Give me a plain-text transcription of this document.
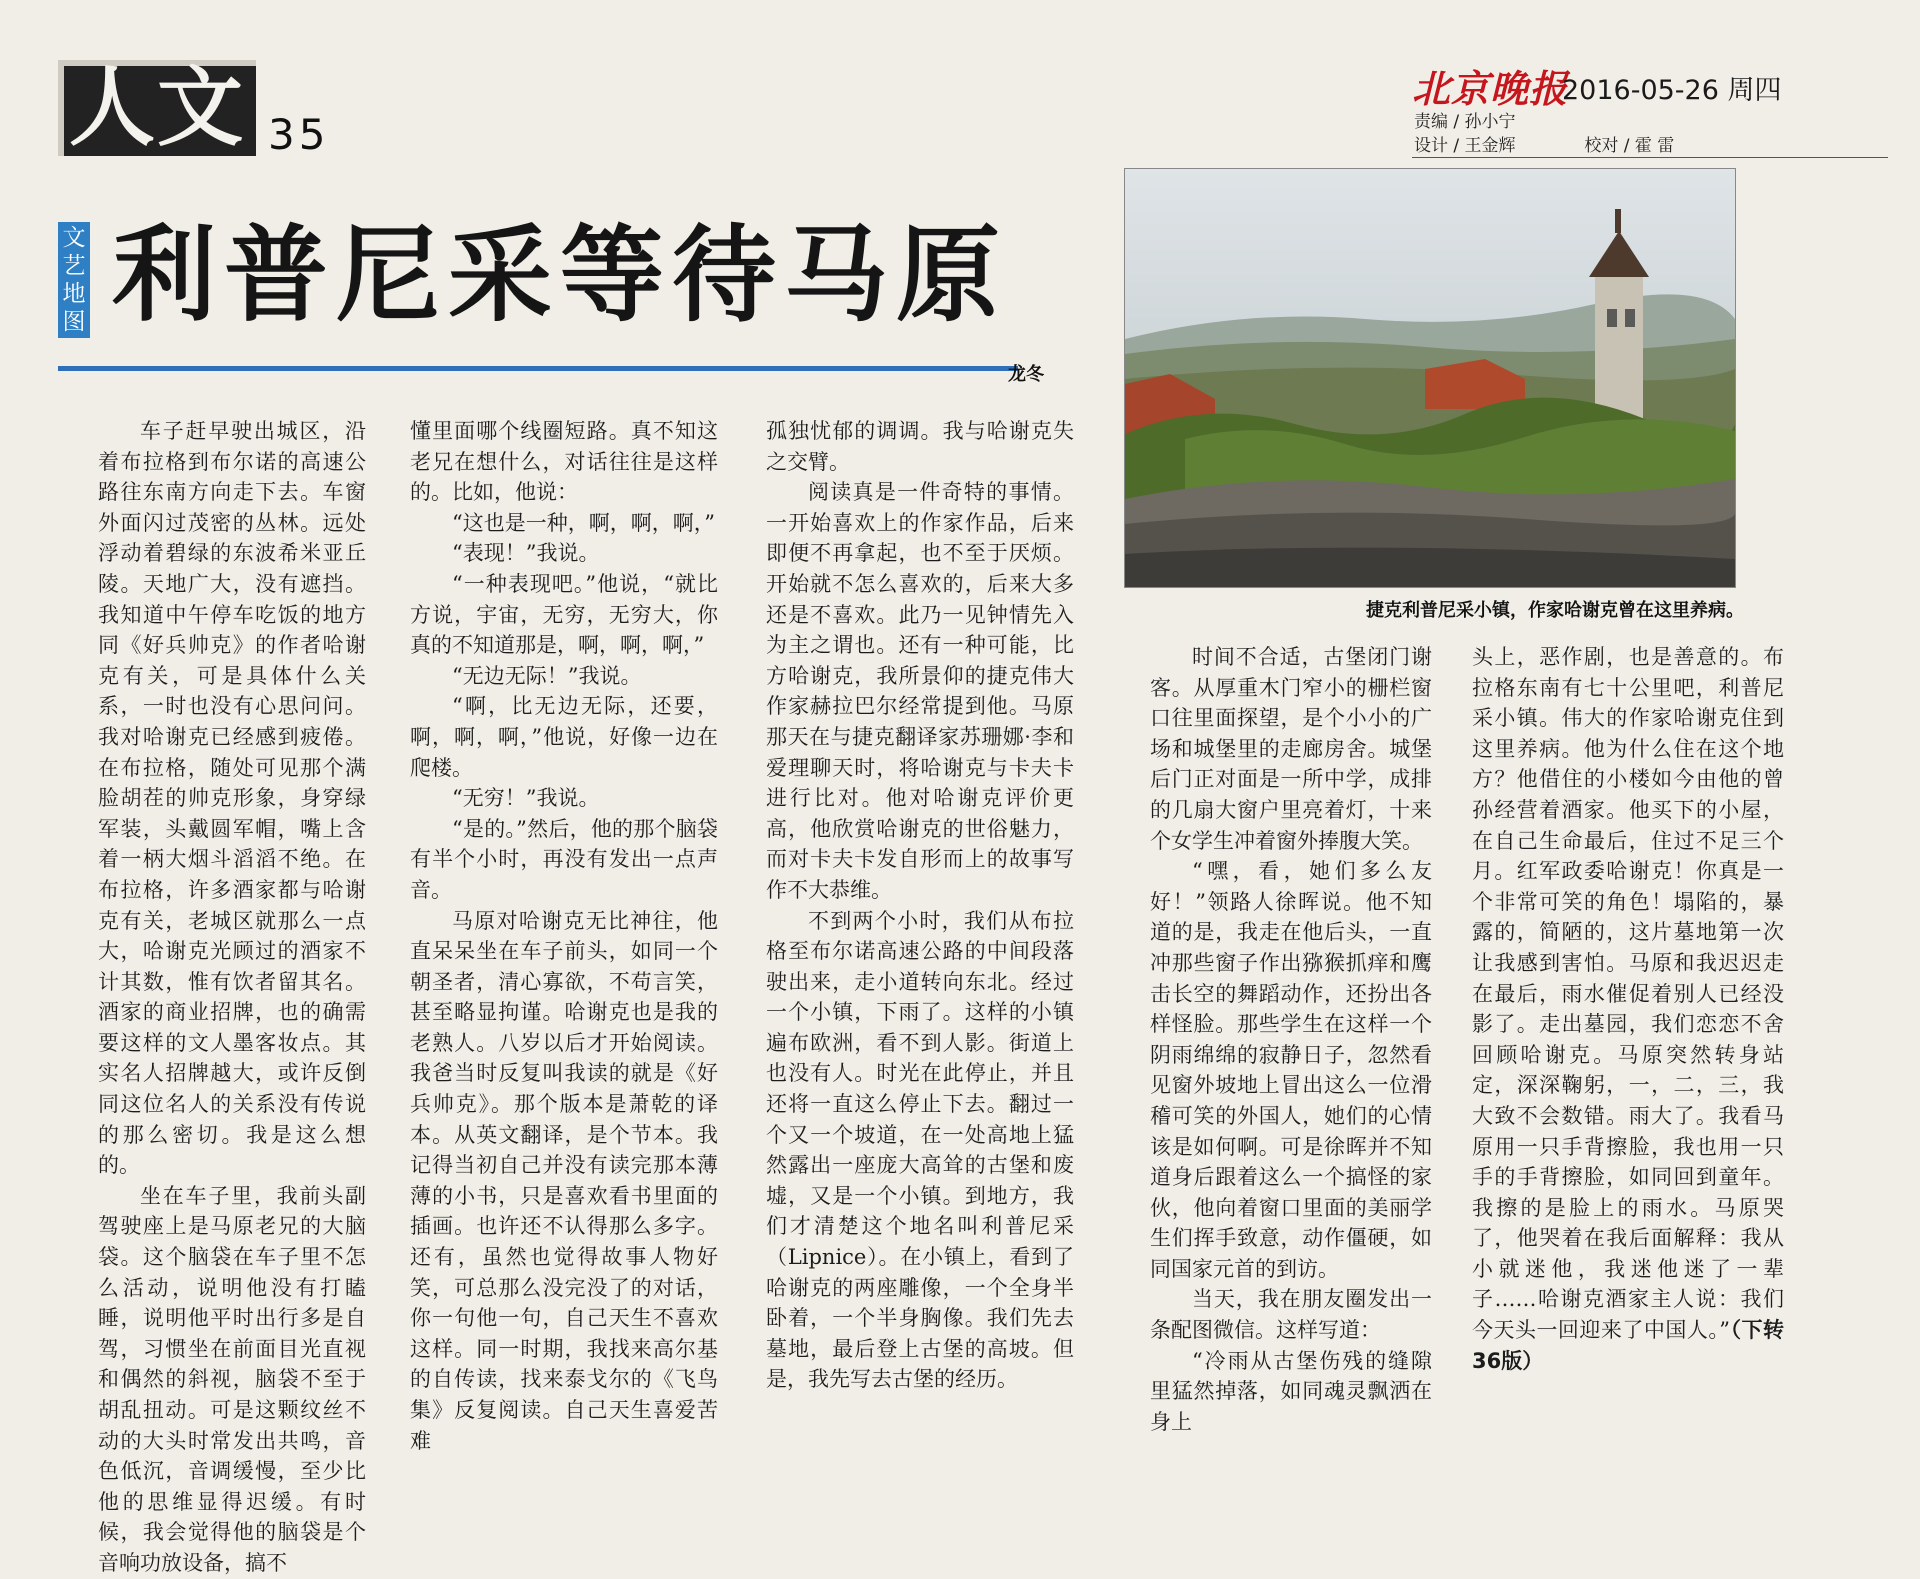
人文 35
北京晚报
2016-05-26 周四
责编 / 孙小宁
设计 / 王金辉	校对 / 霍 雷
文
艺
地
图 利普尼采等待马原
龙冬
捷克利普尼采小镇，作家哈谢克曾在这里养病。

车子赶早驶出城区，沿着布拉格到布尔诺的高速公路往东南方向走下去。车窗外面闪过茂密的丛林。远处浮动着碧绿的东波希米亚丘陵。天地广大，没有遮挡。我知道中午停车吃饭的地方同《好兵帅克》的作者哈谢克有关，可是具体什么关系，一时也没有心思问问。我对哈谢克已经感到疲倦。在布拉格，随处可见那个满脸胡茬的帅克形象，身穿绿军装，头戴圆军帽，嘴上含着一柄大烟斗滔滔不绝。在布拉格，许多酒家都与哈谢克有关，老城区就那么一点大，哈谢克光顾过的酒家不计其数，惟有饮者留其名。酒家的商业招牌，也的确需要这样的文人墨客妆点。其实名人招牌越大，或许反倒同这位名人的关系没有传说的那么密切。我是这么想的。

坐在车子里，我前头副驾驶座上是马原老兄的大脑袋。这个脑袋在车子里不怎么活动，说明他没有打瞌睡，说明他平时出行多是自驾，习惯坐在前面目光直视和偶然的斜视，脑袋不至于胡乱扭动。可是这颗纹丝不动的大头时常发出共鸣，音色低沉，音调缓慢，至少比他的思维显得迟缓。有时候，我会觉得他的脑袋是个音响功放设备，搞不

懂里面哪个线圈短路。真不知这老兄在想什么，对话往往是这样的。比如，他说：

“这也是一种，啊，啊，啊，”

“表现！”我说。

“一种表现吧。”他说，“就比方说，宇宙，无穷，无穷大，你真的不知道那是，啊，啊，啊，”

“无边无际！”我说。

“啊，比无边无际，还要，啊，啊，啊，”他说，好像一边在爬楼。

“无穷！”我说。

“是的。”然后，他的那个脑袋有半个小时，再没有发出一点声音。

马原对哈谢克无比神往，他直呆呆坐在车子前头，如同一个朝圣者，清心寡欲，不苟言笑，甚至略显拘谨。哈谢克也是我的老熟人。八岁以后才开始阅读。我爸当时反复叫我读的就是《好兵帅克》。那个版本是萧乾的译本。从英文翻译，是个节本。我记得当初自己并没有读完那本薄薄的小书，只是喜欢看书里面的插画。也许还不认得那么多字。还有，虽然也觉得故事人物好笑，可总那么没完没了的对话，你一句他一句，自己天生不喜欢这样。同一时期，我找来高尔基的自传读，找来泰戈尔的《飞鸟集》反复阅读。自己天生喜爱苦难

孤独忧郁的调调。我与哈谢克失之交臂。

阅读真是一件奇特的事情。一开始喜欢上的作家作品，后来即便不再拿起，也不至于厌烦。开始就不怎么喜欢的，后来大多还是不喜欢。此乃一见钟情先入为主之谓也。还有一种可能，比方哈谢克，我所景仰的捷克伟大作家赫拉巴尔经常提到他。马原那天在与捷克翻译家苏珊娜·李和爱理聊天时，将哈谢克与卡夫卡进行比对。他对哈谢克评价更高，他欣赏哈谢克的世俗魅力，而对卡夫卡发自形而上的故事写作不大恭维。

不到两个小时，我们从布拉格至布尔诺高速公路的中间段落驶出来，走小道转向东北。经过一个小镇，下雨了。这样的小镇遍布欧洲，看不到人影。街道上也没有人。时光在此停止，并且还将一直这么停止下去。翻过一个又一个坡道，在一处高地上猛然露出一座庞大高耸的古堡和废墟，又是一个小镇。到地方，我们才清楚这个地名叫利普尼采（Lipnice）。在小镇上，看到了哈谢克的两座雕像，一个全身半卧着，一个半身胸像。我们先去墓地，最后登上古堡的高坡。但是，我先写去古堡的经历。

时间不合适，古堡闭门谢客。从厚重木门窄小的栅栏窗口往里面探望，是个小小的广场和城堡里的走廊房舍。城堡后门正对面是一所中学，成排的几扇大窗户里亮着灯，十来个女学生冲着窗外捧腹大笑。

“嘿，看，她们多么友好！”领路人徐晖说。他不知道的是，我走在他后头，一直冲那些窗子作出猕猴抓痒和鹰击长空的舞蹈动作，还扮出各样怪脸。那些学生在这样一个阴雨绵绵的寂静日子，忽然看见窗外坡地上冒出这么一位滑稽可笑的外国人，她们的心情该是如何啊。可是徐晖并不知道身后跟着这么一个搞怪的家伙，他向着窗口里面的美丽学生们挥手致意，动作僵硬，如同国家元首的到访。

当天，我在朋友圈发出一条配图微信。这样写道：

“冷雨从古堡伤残的缝隙里猛然掉落，如同魂灵飘洒在身上

头上，恶作剧，也是善意的。布拉格东南有七十公里吧，利普尼采小镇。伟大的作家哈谢克住到这里养病。他为什么住在这个地方？他借住的小楼如今由他的曾孙经营着酒家。他买下的小屋，在自己生命最后，住过不足三个月。红军政委哈谢克！你真是一个非常可笑的角色！塌陷的，暴露的，简陋的，这片墓地第一次让我感到害怕。马原和我迟迟走在最后，雨水催促着别人已经没影了。走出墓园，我们恋恋不舍回顾哈谢克。马原突然转身站定，深深鞠躬，一，二，三，我大致不会数错。雨大了。我看马原用一只手背擦脸，我也用一只手的手背擦脸，如同回到童年。我擦的是脸上的雨水。马原哭了，他哭着在我后面解释：我从小就迷他，我迷他迷了一辈子……哈谢克酒家主人说：我们今天头一回迎来了中国人。”（下转36版）
